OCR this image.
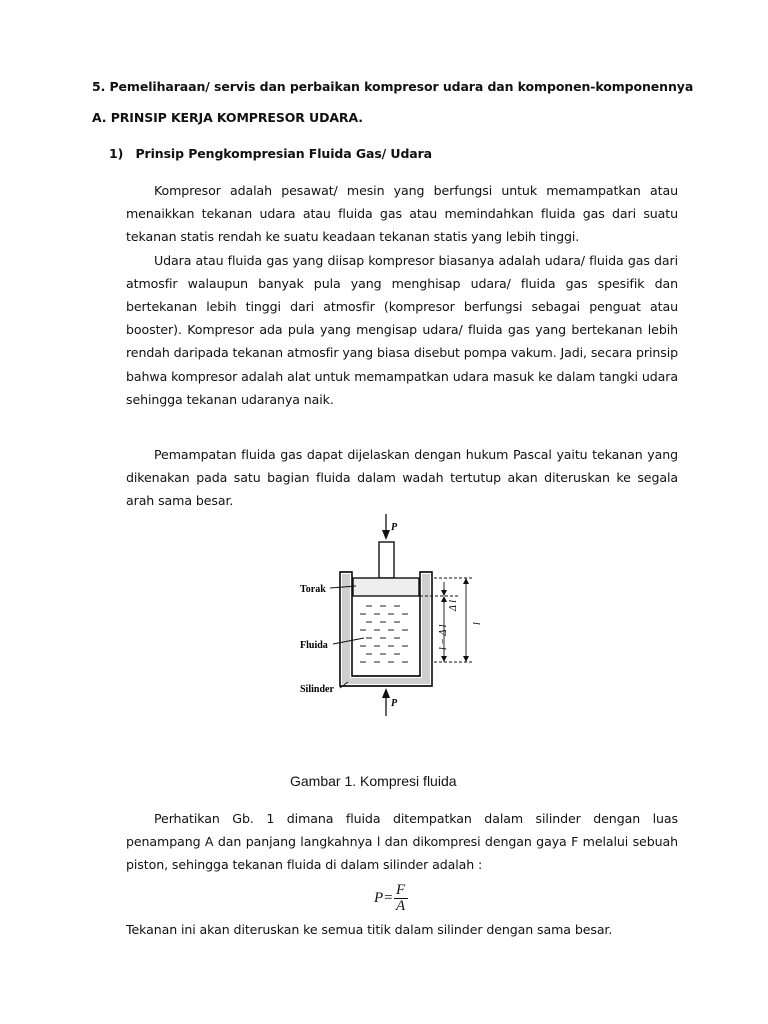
5. Pemeliharaan/ servis dan perbaikan kompresor udara dan komponen-komponennya
A. PRINSIP KERJA KOMPRESOR UDARA.
1) Prinsip Pengkompresian Fluida Gas/ Udara

Kompresor adalah pesawat/ mesin yang berfungsi untuk memampatkan atau menaikkan tekanan udara atau fluida gas atau memindahkan fluida gas dari suatu tekanan statis rendah ke suatu keadaan tekanan statis yang lebih tinggi.

Udara atau fluida gas yang diisap kompresor biasanya adalah udara/ fluida gas dari atmosfir walaupun banyak pula yang menghisap udara/ fluida gas spesifik dan bertekanan lebih tinggi dari atmosfir (kompresor berfungsi sebagai penguat atau booster). Kompresor ada pula yang mengisap udara/ fluida gas yang bertekanan lebih rendah daripada tekanan atmosfir yang biasa disebut pompa vakum. Jadi, secara prinsip bahwa kompresor adalah alat untuk memampatkan udara masuk ke dalam tangki udara sehingga tekanan udaranya naik.

Pemampatan fluida gas dapat dijelaskan dengan hukum Pascal yaitu tekanan yang dikenakan pada satu bagian fluida dalam wadah tertutup akan diteruskan ke segala arah sama besar.

P
P
Torak
Fluida
Silinder
Δ l
l − Δ l
l
Gambar 1. Kompresi fluida

Perhatikan Gb. 1 dimana fluida ditempatkan dalam silinder dengan luas penampang A dan panjang langkahnya l dan dikompresi dengan gaya F melalui sebuah piston, sehingga tekanan fluida di dalam silinder adalah :

P = F
A

Tekanan ini akan diteruskan ke semua titik dalam silinder dengan sama besar.
